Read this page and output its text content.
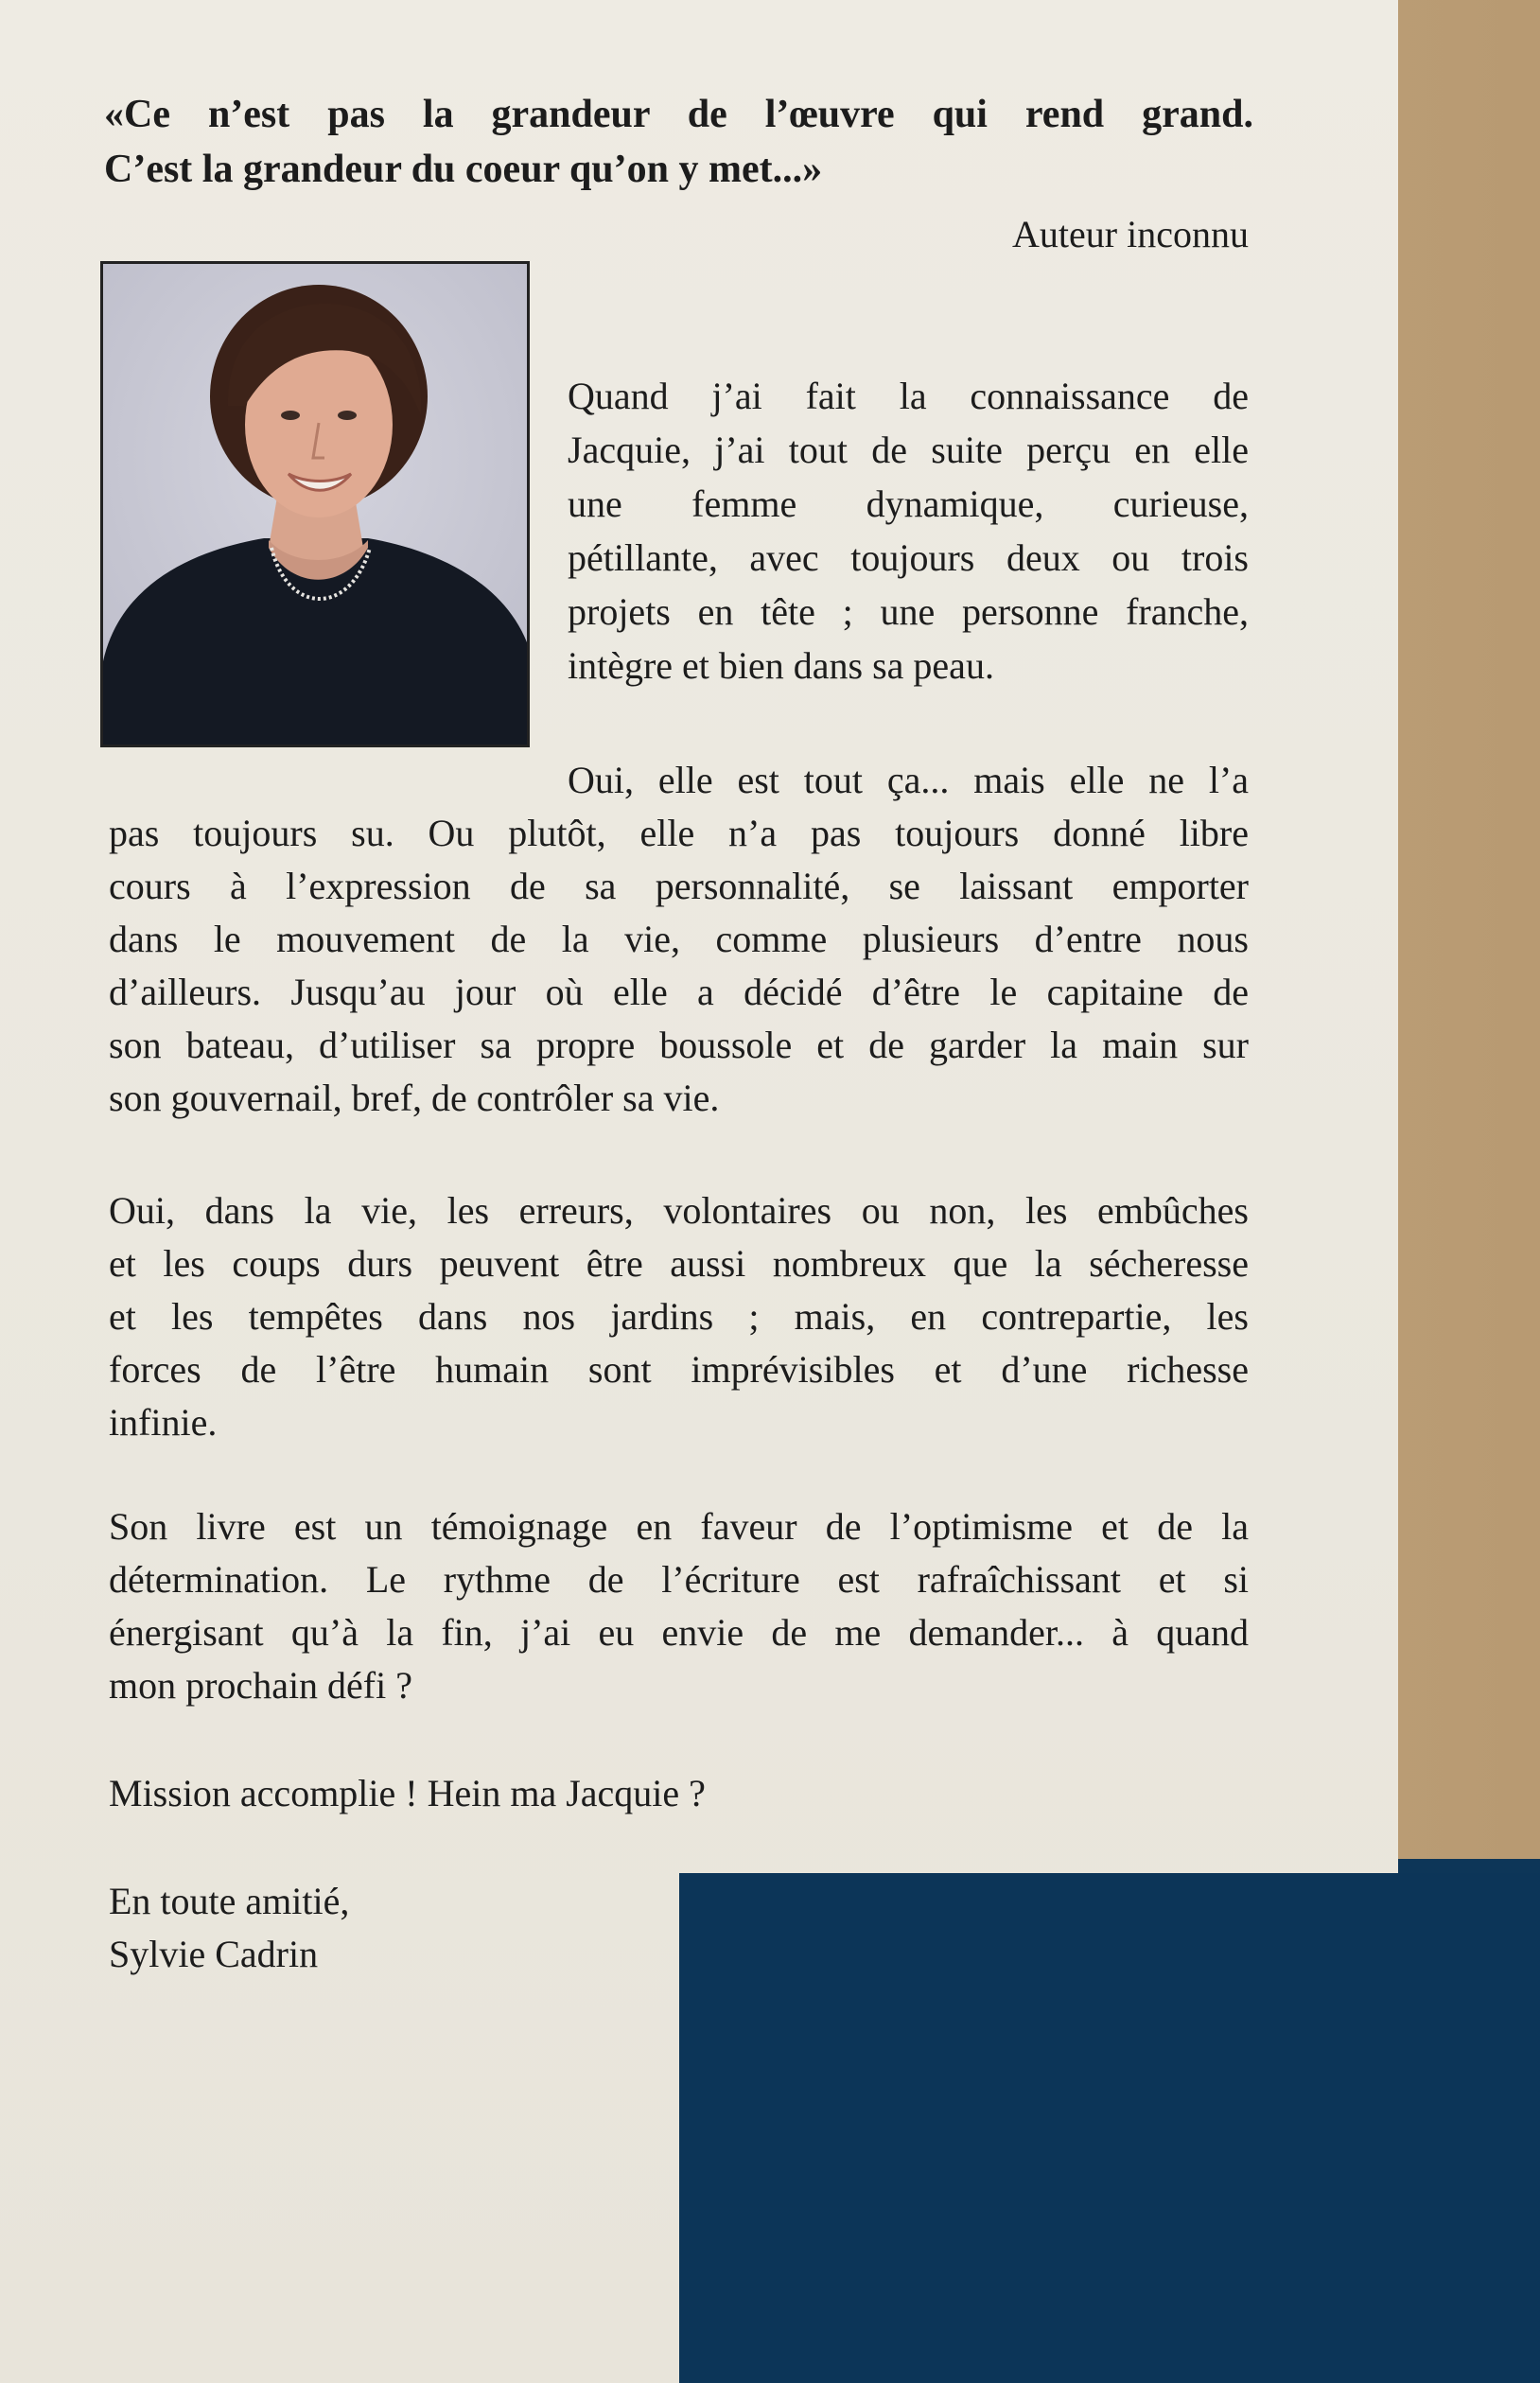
«Ce n’est pas la grandeur de l’œuvre qui rend grand.
C’est la grandeur du coeur qu’on y met...»
Auteur inconnu
Quand j’ai fait la connaissance de
Jacquie, j’ai tout de suite perçu en elle
une femme dynamique, curieuse,
pétillante, avec toujours deux ou trois
projets en tête ; une personne franche,
intègre et bien dans sa peau.
Oui, elle est tout ça... mais elle ne l’a
pas toujours su. Ou plutôt, elle n’a pas toujours donné libre
cours à l’expression de sa personnalité, se laissant emporter
dans le mouvement de la vie, comme plusieurs d’entre nous
d’ailleurs. Jusqu’au jour où elle a décidé d’être le capitaine de
son bateau, d’utiliser sa propre boussole et de garder la main sur
son gouvernail, bref, de contrôler sa vie.
Oui, dans la vie, les erreurs, volontaires ou non, les embûches
et les coups durs peuvent être aussi nombreux que la sécheresse
et les tempêtes dans nos jardins ; mais, en contrepartie, les
forces de l’être humain sont imprévisibles et d’une richesse
infinie.
Son livre est un témoignage en faveur de l’optimisme et de la
détermination. Le rythme de l’écriture est rafraîchissant et si
énergisant qu’à la fin, j’ai eu envie de me demander... à quand
mon prochain défi ?
Mission accomplie ! Hein ma Jacquie ?
En toute amitié,
Sylvie Cadrin
